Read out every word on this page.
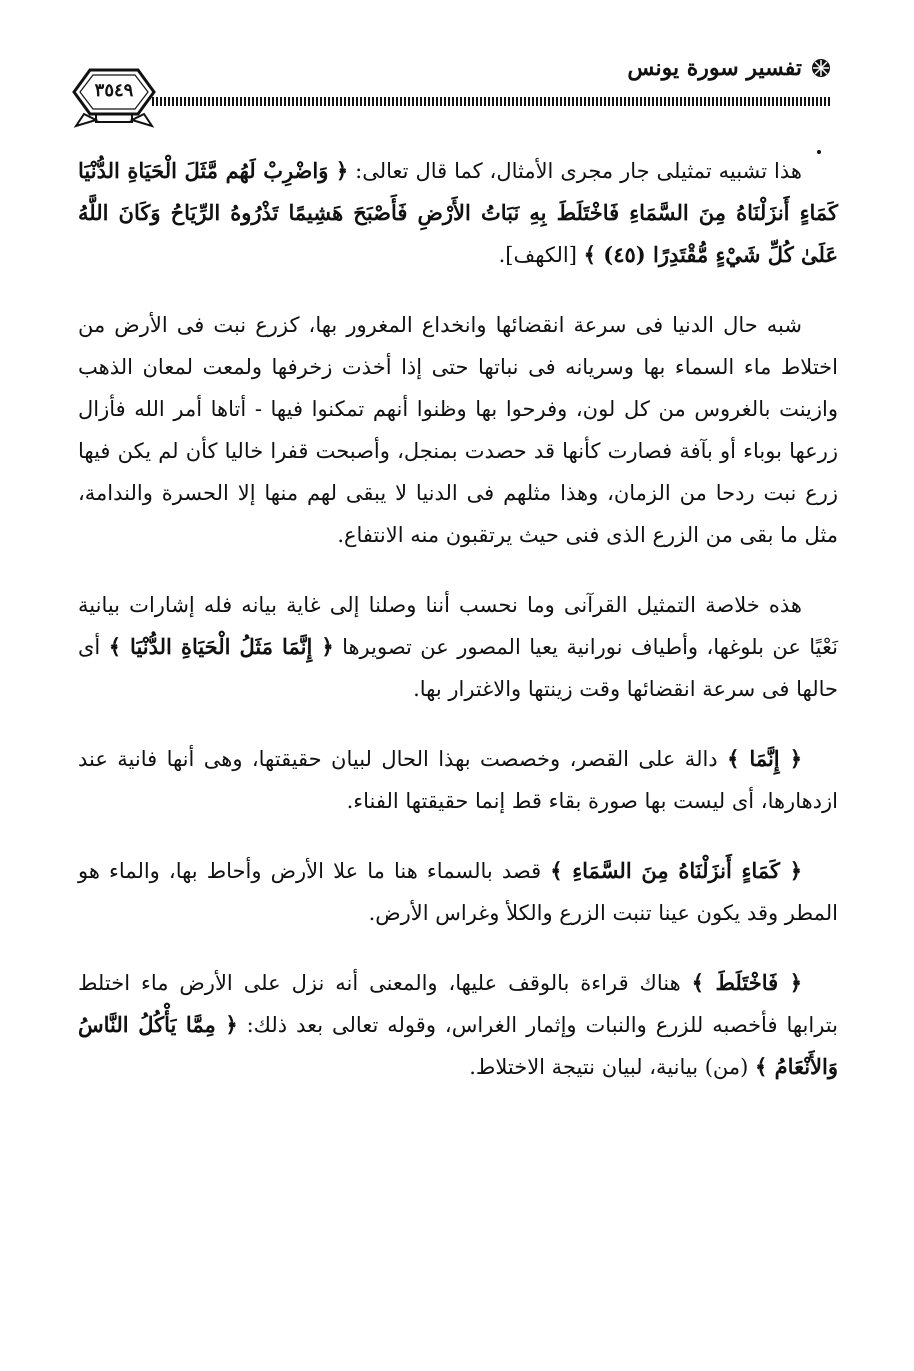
تفسير سورة يونس
٣٥٤٩

هذا تشبيه تمثيلى جار مجرى الأمثال، كما قال تعالى: ﴿ وَاضْرِبْ لَهُم مَّثَلَ الْحَيَاةِ الدُّنْيَا كَمَاءٍ أَنزَلْنَاهُ مِنَ السَّمَاءِ فَاخْتَلَطَ بِهِ نَبَاتُ الأَرْضِ فَأَصْبَحَ هَشِيمًا تَذْرُوهُ الرِّيَاحُ وَكَانَ اللَّهُ عَلَىٰ كُلِّ شَيْءٍ مُّقْتَدِرًا (٤٥) ﴾ [الكهف].

شبه حال الدنيا فى سرعة انقضائها وانخداع المغرور بها، كزرع نبت فى الأرض من اختلاط ماء السماء بها وسريانه فى نباتها حتى إذا أخذت زخرفها ولمعت لمعان الذهب وازينت بالغروس من كل لون، وفرحوا بها وظنوا أنهم تمكنوا فيها - أتاها أمر الله فأزال زرعها بوباء أو بآفة فصارت كأنها قد حصدت بمنجل، وأصبحت قفرا خاليا كأن لم يكن فيها زرع نبت ردحا من الزمان، وهذا مثلهم فى الدنيا لا يبقى لهم منها إلا الحسرة والندامة، مثل ما بقى من الزرع الذى فنى حيث يرتقبون منه الانتفاع.

هذه خلاصة التمثيل القرآنى وما نحسب أننا وصلنا إلى غاية بيانه فله إشارات بيانية نَعْيًا عن بلوغها، وأطياف نورانية يعيا المصور عن تصويرها ﴿ إِنَّمَا مَثَلُ الْحَيَاةِ الدُّنْيَا ﴾ أى حالها فى سرعة انقضائها وقت زينتها والاغترار بها.

﴿ إِنَّمَا ﴾ دالة على القصر، وخصصت بهذا الحال لبيان حقيقتها، وهى أنها فانية عند ازدهارها، أى ليست بها صورة بقاء قط إنما حقيقتها الفناء.

﴿ كَمَاءٍ أَنزَلْنَاهُ مِنَ السَّمَاءِ ﴾ قصد بالسماء هنا ما علا الأرض وأحاط بها، والماء هو المطر وقد يكون عينا تنبت الزرع والكلأ وغراس الأرض.

﴿ فَاخْتَلَطَ ﴾ هناك قراءة بالوقف عليها، والمعنى أنه نزل على الأرض ماء اختلط بترابها فأخصبه للزرع والنبات وإثمار الغراس، وقوله تعالى بعد ذلك: ﴿ مِمَّا يَأْكُلُ النَّاسُ وَالأَنْعَامُ ﴾ (من) بيانية، لبيان نتيجة الاختلاط.
